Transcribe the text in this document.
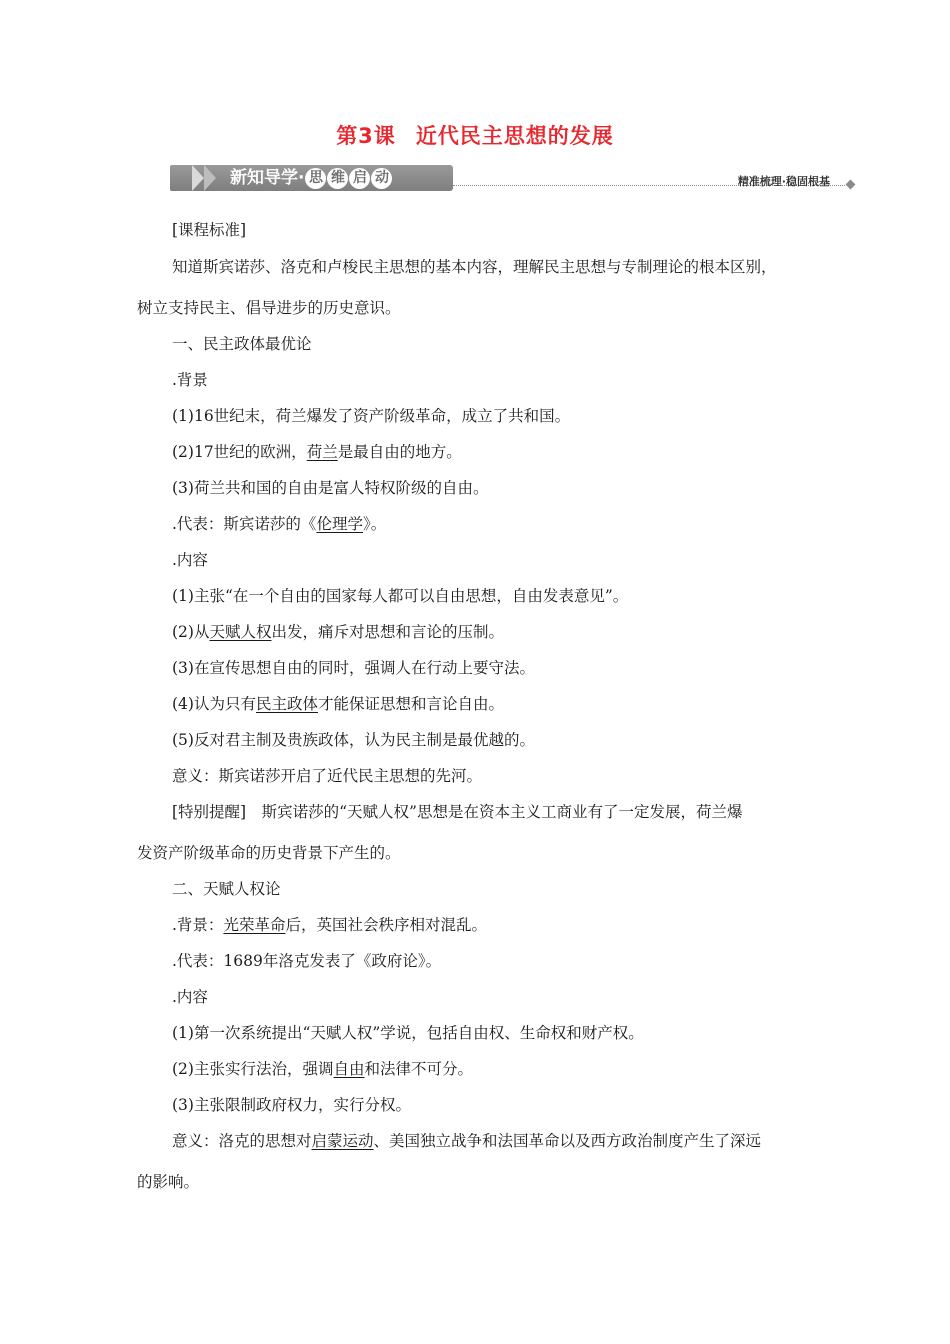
第3课 近代民主思想的发展
新知导学· 思 维 启 动	精准梳理·稳固根基
[课程标准]
知道斯宾诺莎、洛克和卢梭民主思想的基本内容，理解民主思想与专制理论的根本区别，
树立支持民主、倡导进步的历史意识。
一、民主政体最优论
.背景
(1)16世纪末，荷兰爆发了资产阶级革命，成立了共和国。
(2)17世纪的欧洲，荷兰是最自由的地方。
(3)荷兰共和国的自由是富人特权阶级的自由。
.代表：斯宾诺莎的《伦理学》。
.内容
(1)主张“在一个自由的国家每人都可以自由思想，自由发表意见”。
(2)从天赋人权出发，痛斥对思想和言论的压制。
(3)在宣传思想自由的同时，强调人在行动上要守法。
(4)认为只有民主政体才能保证思想和言论自由。
(5)反对君主制及贵族政体，认为民主制是最优越的。
意义：斯宾诺莎开启了近代民主思想的先河。
[特别提醒]　斯宾诺莎的“天赋人权”思想是在资本主义工商业有了一定发展，荷兰爆
发资产阶级革命的历史背景下产生的。
二、天赋人权论
.背景：光荣革命后，英国社会秩序相对混乱。
.代表：1689年洛克发表了《政府论》。
.内容
(1)第一次系统提出“天赋人权”学说，包括自由权、生命权和财产权。
(2)主张实行法治，强调自由和法律不可分。
(3)主张限制政府权力，实行分权。
意义：洛克的思想对启蒙运动、美国独立战争和法国革命以及西方政治制度产生了深远
的影响。
